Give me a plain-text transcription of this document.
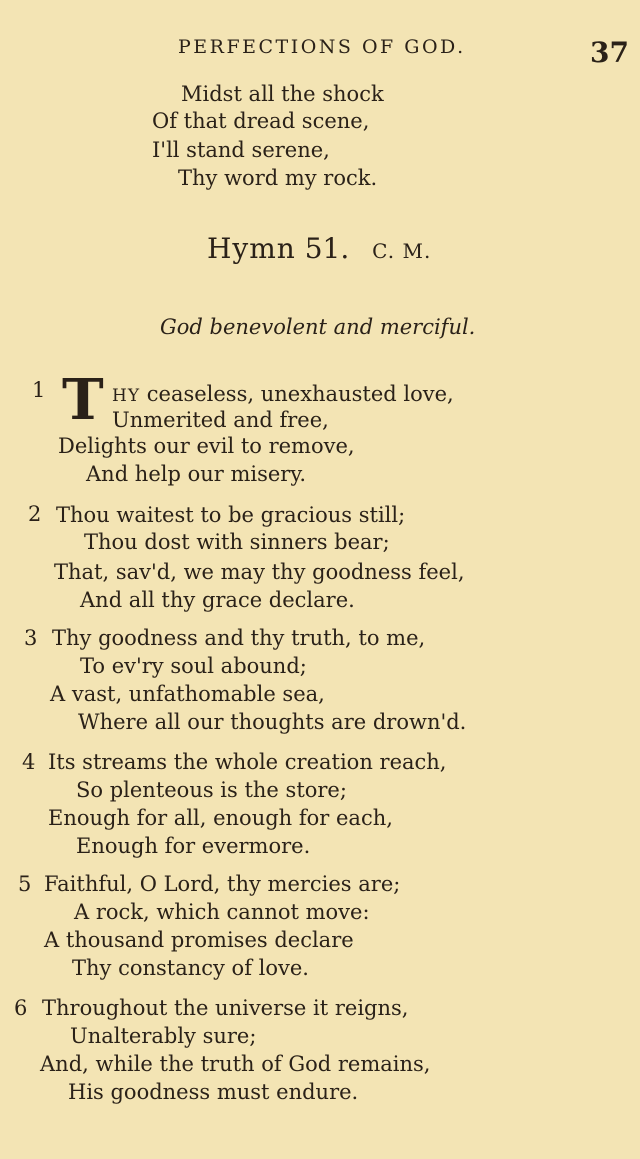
PERFECTIONS OF GOD.	37
Midst all the shock
Of that dread scene,
I'll stand serene,
Thy word my rock.
Hymn 51. C. M.
God benevolent and merciful.
1 T HY ceaseless, unexhausted love,
Unmerited and free,
Delights our evil to remove,
And help our misery.
2 Thou waitest to be gracious still;
Thou dost with sinners bear;
That, sav'd, we may thy goodness feel,
And all thy grace declare.
3 Thy goodness and thy truth, to me,
To ev'ry soul abound;
A vast, unfathomable sea,
Where all our thoughts are drown'd.
4 Its streams the whole creation reach,
So plenteous is the store;
Enough for all, enough for each,
Enough for evermore.
5 Faithful, O Lord, thy mercies are;
A rock, which cannot move:
A thousand promises declare
Thy constancy of love.
6 Throughout the universe it reigns,
Unalterably sure;
And, while the truth of God remains,
His goodness must endure.
